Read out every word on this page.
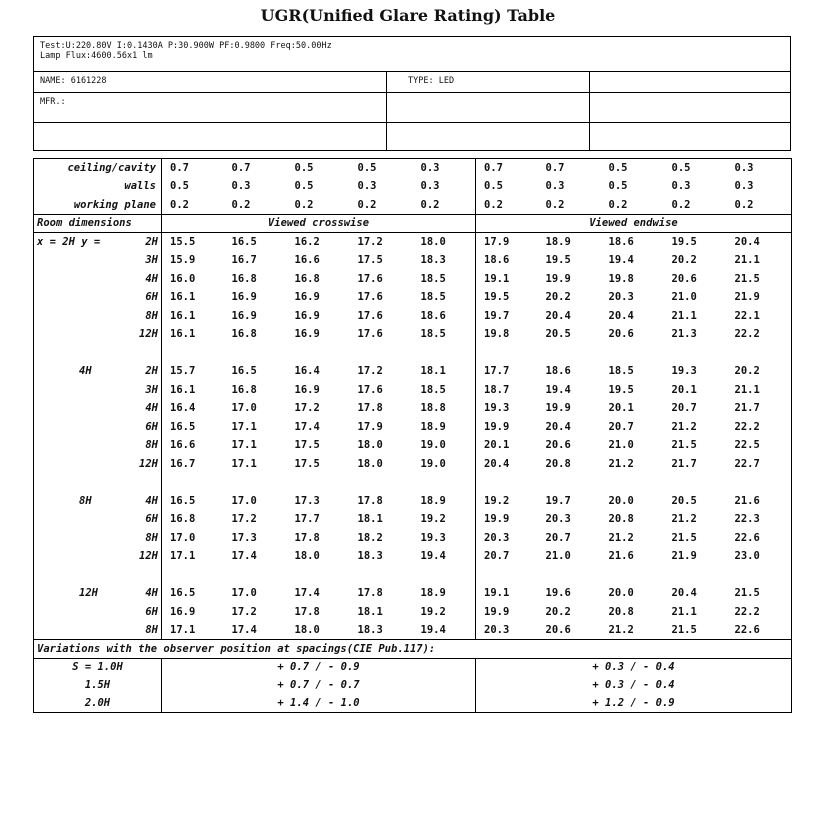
UGR(Unified Glare Rating) Table
Test:U:220.80V I:0.1430A P:30.900W PF:0.9800 Freq:50.00Hz
Lamp Flux:4600.56x1 lm
NAME: 6161228	TYPE: LED
MFR.:
ceiling/cavity	0.7	0.7	0.5	0.5	0.3	0.7	0.7	0.5	0.5	0.3
walls	0.5	0.3	0.5	0.3	0.3	0.5	0.3	0.5	0.3	0.3
working plane	0.2	0.2	0.2	0.2	0.2	0.2	0.2	0.2	0.2	0.2
Room dimensions	Viewed crosswise					Viewed endwise				

x = 2H y = 2H	15.5	16.5	16.2	17.2	18.0	17.9	18.9	18.6	19.5	20.4

3H	15.9	16.7	16.6	17.5	18.3	18.6	19.5	19.4	20.2	21.1

4H	16.0	16.8	16.8	17.6	18.5	19.1	19.9	19.8	20.6	21.5

6H	16.1	16.9	16.9	17.6	18.5	19.5	20.2	20.3	21.0	21.9

8H	16.1	16.9	16.9	17.6	18.6	19.7	20.4	20.4	21.1	22.1

12H	16.1	16.8	16.9	17.6	18.5	19.8	20.5	20.6	21.3	22.2

4H 2H	15.7	16.5	16.4	17.2	18.1	17.7	18.6	18.5	19.3	20.2

3H	16.1	16.8	16.9	17.6	18.5	18.7	19.4	19.5	20.1	21.1

4H	16.4	17.0	17.2	17.8	18.8	19.3	19.9	20.1	20.7	21.7

6H	16.5	17.1	17.4	17.9	18.9	19.9	20.4	20.7	21.2	22.2

8H	16.6	17.1	17.5	18.0	19.0	20.1	20.6	21.0	21.5	22.5

12H	16.7	17.1	17.5	18.0	19.0	20.4	20.8	21.2	21.7	22.7

8H 4H	16.5	17.0	17.3	17.8	18.9	19.2	19.7	20.0	20.5	21.6

6H	16.8	17.2	17.7	18.1	19.2	19.9	20.3	20.8	21.2	22.3

8H	17.0	17.3	17.8	18.2	19.3	20.3	20.7	21.2	21.5	22.6

12H	17.1	17.4	18.0	18.3	19.4	20.7	21.0	21.6	21.9	23.0

12H 4H	16.5	17.0	17.4	17.8	18.9	19.1	19.6	20.0	20.4	21.5

6H	16.9	17.2	17.8	18.1	19.2	19.9	20.2	20.8	21.1	22.2

8H	17.1	17.4	18.0	18.3	19.4	20.3	20.6	21.2	21.5	22.6
Variations with the observer position at spacings(CIE Pub.117):										
S = 1.0H	+ 0.7 / - 0.9					+ 0.3 / - 0.4				
1.5H	+ 0.7 / - 0.7					+ 0.3 / - 0.4				
2.0H	+ 1.4 / - 1.0					+ 1.2 / - 0.9				
